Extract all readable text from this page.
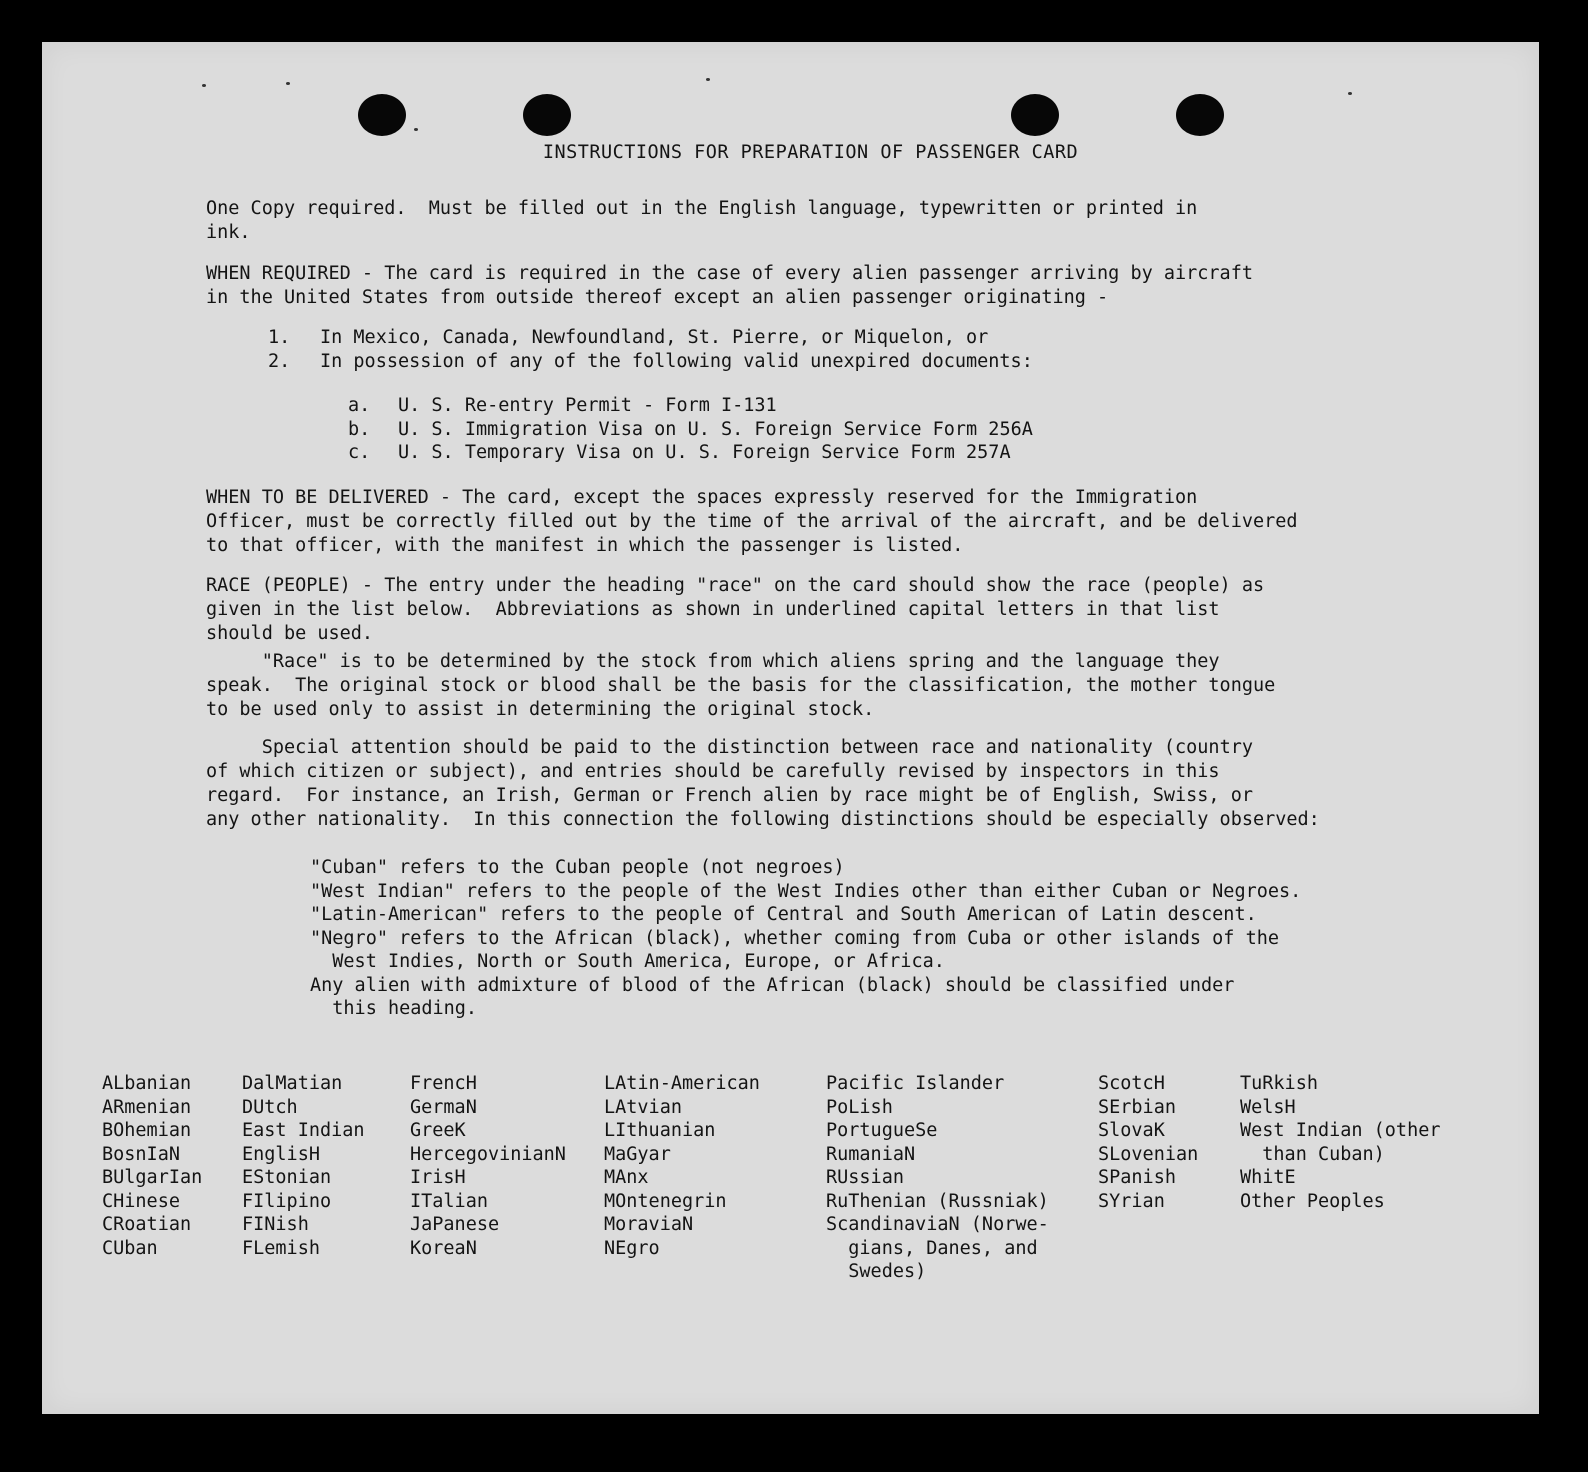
INSTRUCTIONS FOR PREPARATION OF PASSENGER CARD

One Copy required.  Must be filled out in the English language, typewritten or printed in
ink.

WHEN REQUIRED - The card is required in the case of every alien passenger arriving by aircraft
in the United States from outside thereof except an alien passenger originating -

1. In Mexico, Canada, Newfoundland, St. Pierre, or Miquelon, or
2. In possession of any of the following valid unexpired documents:
a. U. S. Re-entry Permit - Form I-131
b. U. S. Immigration Visa on U. S. Foreign Service Form 256A
c. U. S. Temporary Visa on U. S. Foreign Service Form 257A

WHEN TO BE DELIVERED - The card, except the spaces expressly reserved for the Immigration
Officer, must be correctly filled out by the time of the arrival of the aircraft, and be delivered
to that officer, with the manifest in which the passenger is listed.

RACE (PEOPLE) - The entry under the heading "race" on the card should show the race (people) as
given in the list below.  Abbreviations as shown in underlined capital letters in that list
should be used.

"Race" is to be determined by the stock from which aliens spring and the language they
speak.  The original stock or blood shall be the basis for the classification, the mother tongue
to be used only to assist in determining the original stock.

Special attention should be paid to the distinction between race and nationality (country
of which citizen or subject), and entries should be carefully revised by inspectors in this
regard.  For instance, an Irish, German or French alien by race might be of English, Swiss, or
any other nationality.  In this connection the following distinctions should be especially observed:

"Cuban" refers to the Cuban people (not negroes)
"West Indian" refers to the people of the West Indies other than either Cuban or Negroes.
"Latin-American" refers to the people of Central and South American of Latin descent.
"Negro" refers to the African (black), whether coming from Cuba or other islands of the
West Indies, North or South America, Europe, or Africa.
Any alien with admixture of blood of the African (black) should be classified under
this heading.
ALbanian
ARmenian
BOhemian
BosnIaN
BUlgarIan
CHinese
CRoatian
CUban
DalMatian
DUtch
East Indian
EnglisH
EStonian
FIlipino
FINish
FLemish
FrencH
GermaN
GreeK
HercegovinianN
IrisH
ITalian
JaPanese
KoreaN
LAtin-American
LAtvian
LIthuanian
MaGyar
MAnx
MOntenegrin
MoraviaN
NEgro
Pacific Islander
PoLish
PortugueSe
RumaniaN
RUssian
RuThenian (Russniak)
ScandinaviaN (Norwe-
gians, Danes, and
Swedes)
ScotcH
SErbian
SlovaK
SLovenian
SPanish
SYrian
TuRkish
WelsH
West Indian (other
than Cuban)
WhitE
Other Peoples
